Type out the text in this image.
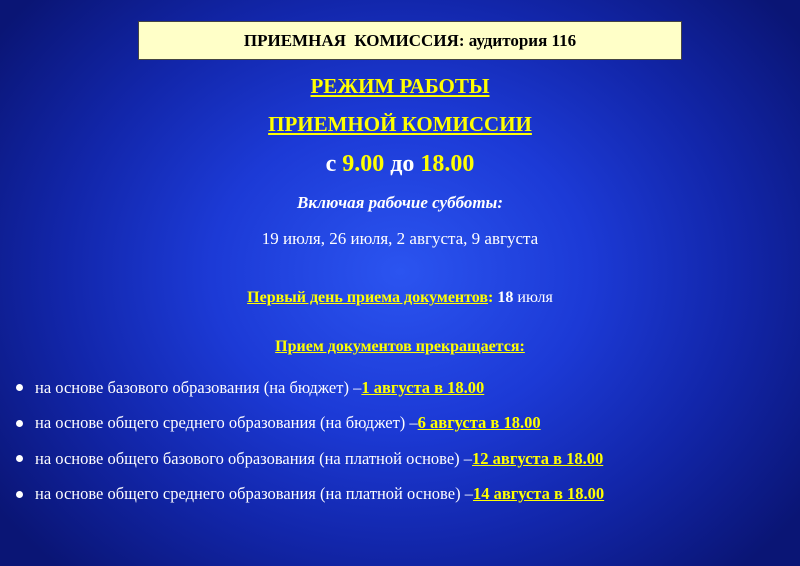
ПРИЕМНАЯ  КОМИССИЯ: аудитория 116
РЕЖИМ РАБОТЫ
ПРИЕМНОЙ КОМИССИИ
с 9.00 до 18.00
Включая рабочие субботы:
19 июля, 26 июля, 2 августа, 9 августа
Первый день приема документов: 18 июля
Прием документов прекращается:
на основе базового образования (на бюджет) – 1 августа в 18.00
на основе общего среднего образования (на бюджет) – 6 августа в 18.00
на основе общего базового образования (на платной основе) – 12 августа в 18.00
на основе общего среднего образования (на платной основе) – 14 августа в 18.00
